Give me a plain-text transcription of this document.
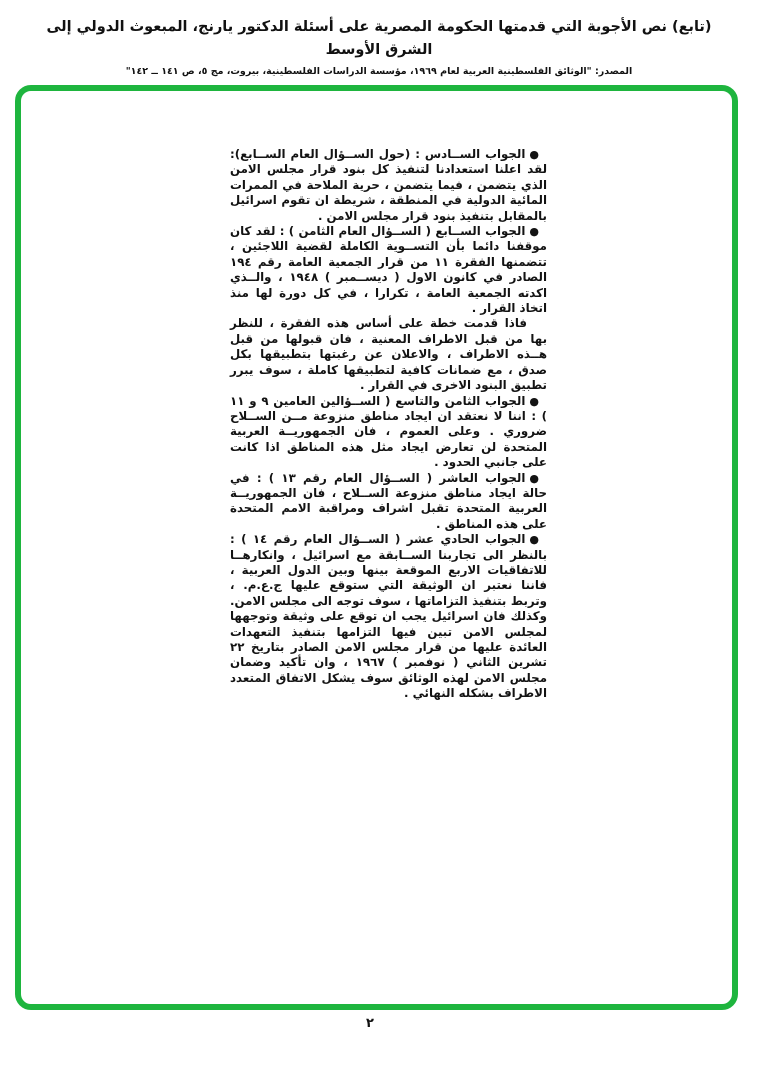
(تابع) نص الأجوبة التي قدمتها الحكومة المصرية على أسئلة الدكتور يارنج، المبعوث الدولي إلى الشرق الأوسط
المصدر: "الوثائق الفلسطينية العربية لعام ١٩٦٩، مؤسسة الدراسات الفلسطينية، بيروت، مج ٥، ص ١٤١ ــ ١٤٢"

●الجواب الســادس : (حول الســؤال العام الســابع): لقد اعلنا استعدادنا لتنفيذ كل بنود قرار مجلس الامن الذي يتضمن ، فيما يتضمن ، حرية الملاحة في الممرات المائية الدولية في المنطقة ، شريطة ان تقوم اسرائيل بالمقابل بتنفيذ بنود قرار مجلس الامن .

●الجواب الســابع ( الســؤال العام الثامن ) : لقد كان موقفنا دائما بأن التســوية الكاملة لقضية اللاجئين ، تتضمنها الفقرة ١١ من قرار الجمعية العامة رقم ١٩٤ الصادر في كانون الاول ( ديســمبر ) ١٩٤٨ ، والــذي اكدته الجمعية العامة ، تكرارا ، في كل دورة لها منذ اتخاذ القرار .

فاذا قدمت خطة على أساس هذه الفقرة ، للنظر بها من قبل الاطراف المعنية ، فان قبولها من قبل هــذه الاطراف ، والاعلان عن رغبتها بتطبيقها بكل صدق ، مع ضمانات كافية لتطبيقها كاملة ، سوف يبرر تطبيق البنود الاخرى في القرار .

●الجواب الثامن والتاسع ( الســؤالين العامين ٩ و ١١ ) : اننا لا نعتقد ان ايجاد مناطق منزوعة مــن الســلاح ضروري . وعلى العموم ، فان الجمهوريــة العربية المتحدة لن تعارض ايجاد مثل هذه المناطق اذا كانت على جانبي الحدود .

●الجواب العاشر ( الســؤال العام رقم ١٣ ) : في حالة ايجاد مناطق منزوعة الســلاح ، فان الجمهوريــة العربية المتحدة تقبل اشراف ومراقبة الامم المتحدة على هذه المناطق .

●الجواب الحادي عشر ( الســؤال العام رقم ١٤ ) : بالنظر الى تجاربنا الســابقة مع اسرائيل ، وانكارهــا للاتفاقيات الاربع الموقعة بينها وبين الدول العربية ، فاننا نعتبر ان الوثيقة التي ستوقع عليها ج.ع.م. ، وتربط بتنفيذ التزاماتها ، سوف توجه الى مجلس الامن. وكذلك فان اسرائيل يجب ان توقع على وثيقة وتوجهها لمجلس الامن تبين فيها التزامها بتنفيذ التعهدات العائدة عليها من قرار مجلس الامن الصادر بتاريخ ٢٢ تشرين الثاني ( نوفمبر ) ١٩٦٧ ، وان تأكيد وضمان مجلس الامن لهذه الوثائق سوف يشكل الاتفاق المتعدد الاطراف بشكله النهائي .

٢
